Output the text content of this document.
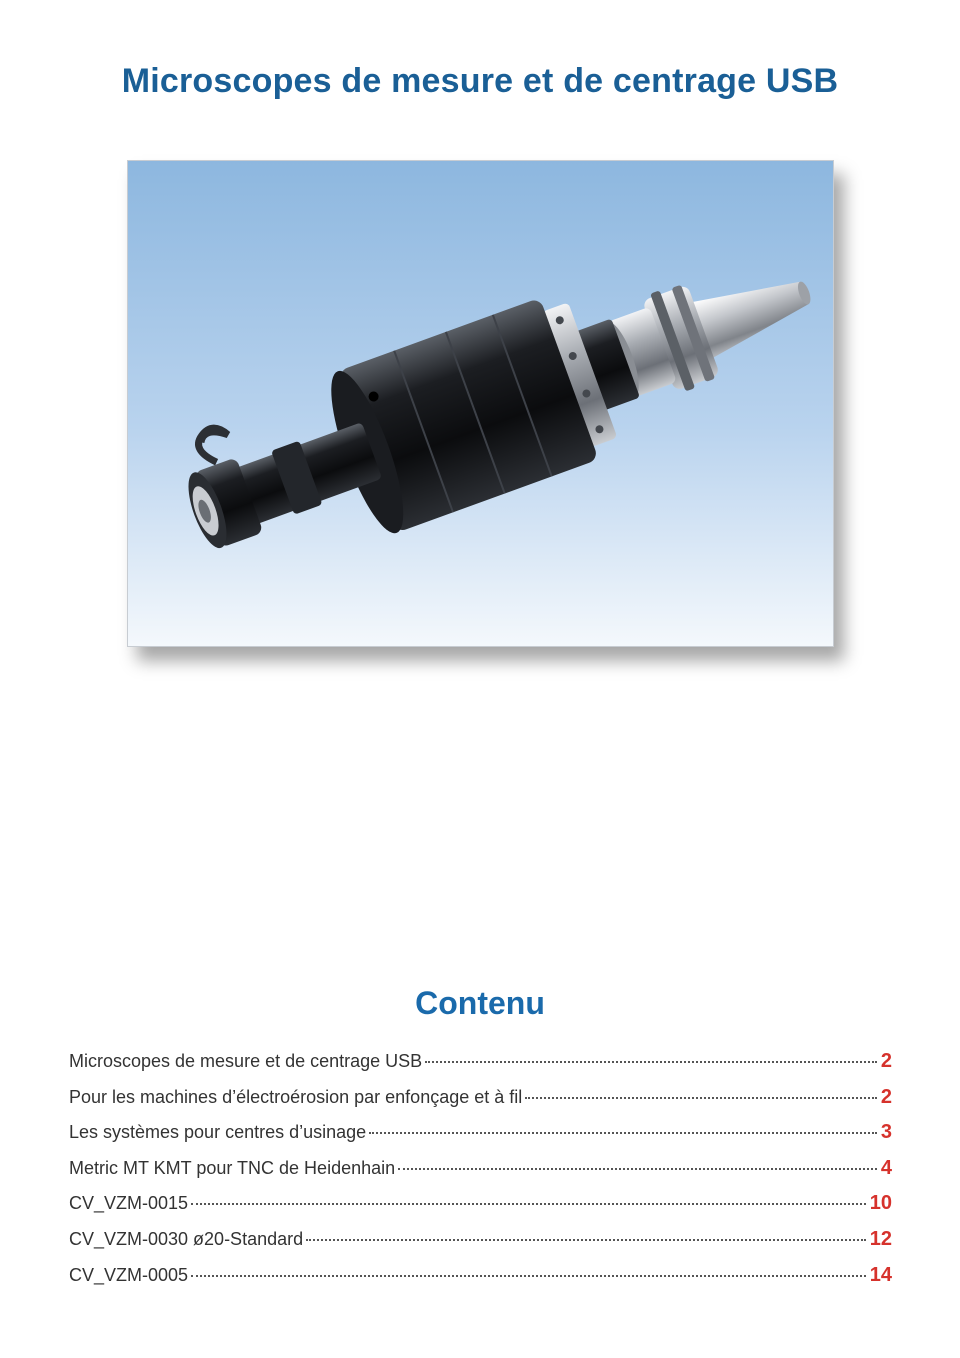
Microscopes de mesure et de centrage USB
Contenu
Microscopes de mesure et de centrage USB	2
Pour les machines d’électroérosion par enfonçage et à fil	2
Les systèmes pour centres d’usinage	3
Metric MT KMT pour TNC de Heidenhain	4
CV_VZM-0015	10
CV_VZM-0030 ø20-Standard	12
CV_VZM-0005	14
